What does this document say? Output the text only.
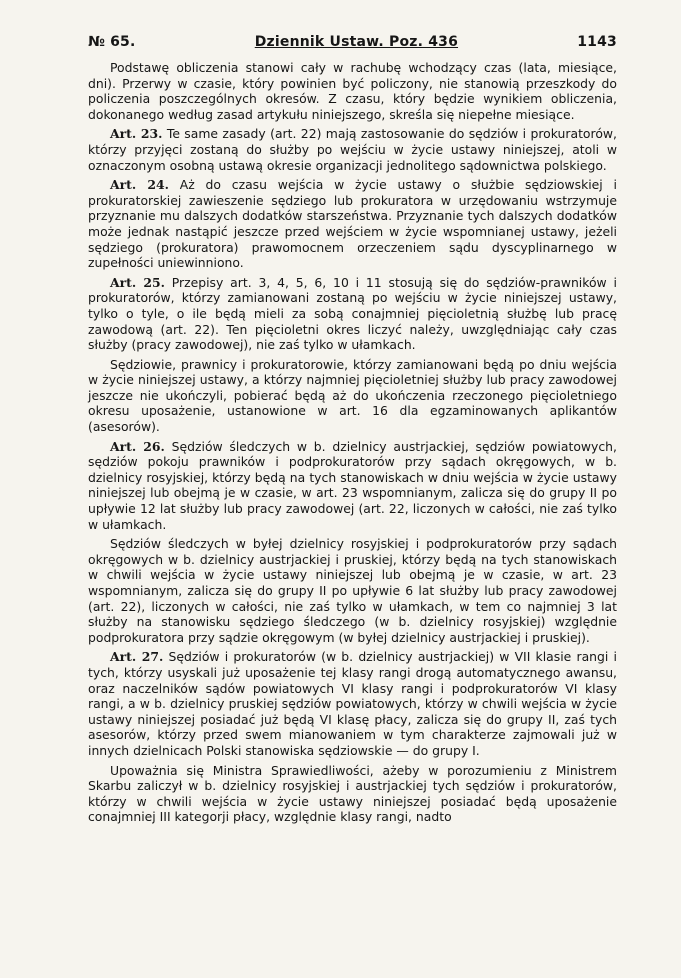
№ 65.	Dziennik Ustaw. Poz. 436	1143

Podstawę obliczenia stanowi cały w rachubę wchodzący czas (lata, miesiące, dni). Przerwy w czasie, który powinien być policzony, nie stanowią przeszkody do policzenia poszczególnych okresów. Z czasu, który będzie wynikiem obliczenia, dokonanego według zasad artykułu niniejszego, skreśla się niepełne miesiące.

Art. 23. Te same zasady (art. 22) mają zastosowanie do sędziów i prokuratorów, którzy przyjęci zostaną do służby po wejściu w życie ustawy niniejszej, atoli w oznaczonym osobną ustawą okresie organizacji jednolitego sądownictwa polskiego.

Art. 24. Aż do czasu wejścia w życie ustawy o służbie sędziowskiej i prokuratorskiej zawieszenie sędziego lub prokuratora w urzędowaniu wstrzymuje przyznanie mu dalszych dodatków starszeństwa. Przyznanie tych dalszych dodatków może jednak nastąpić jeszcze przed wejściem w życie wspomnianej ustawy, jeżeli sędziego (prokuratora) prawomocnem orzeczeniem sądu dyscyplinarnego w zupełności uniewinniono.

Art. 25. Przepisy art. 3, 4, 5, 6, 10 i 11 stosują się do sędziów-prawników i prokuratorów, którzy zamianowani zostaną po wejściu w życie niniejszej ustawy, tylko o tyle, o ile będą mieli za sobą conajmniej pięcioletnią służbę lub pracę zawodową (art. 22). Ten pięcioletni okres liczyć należy, uwzględniając cały czas służby (pracy zawodowej), nie zaś tylko w ułamkach.

Sędziowie, prawnicy i prokuratorowie, którzy zamianowani będą po dniu wejścia w życie niniejszej ustawy, a którzy najmniej pięcioletniej służby lub pracy zawodowej jeszcze nie ukończyli, pobierać będą aż do ukończenia rzeczonego pięcioletniego okresu uposażenie, ustanowione w art. 16 dla egzaminowanych aplikantów (asesorów).

Art. 26. Sędziów śledczych w b. dzielnicy austrjackiej, sędziów powiatowych, sędziów pokoju prawników i podprokuratorów przy sądach okręgowych, w b. dzielnicy rosyjskiej, którzy będą na tych stanowiskach w dniu wejścia w życie ustawy niniejszej lub obejmą je w czasie, w art. 23 wspomnianym, zalicza się do grupy II po upływie 12 lat służby lub pracy zawodowej (art. 22, liczonych w całości, nie zaś tylko w ułamkach.

Sędziów śledczych w byłej dzielnicy rosyjskiej i podprokuratorów przy sądach okręgowych w b. dzielnicy austrjackiej i pruskiej, którzy będą na tych stanowiskach w chwili wejścia w życie ustawy niniejszej lub obejmą je w czasie, w art. 23 wspomnianym, zalicza się do grupy II po upływie 6 lat służby lub pracy zawodowej (art. 22), liczonych w całości, nie zaś tylko w ułamkach, w tem co najmniej 3 lat służby na stanowisku sędziego śledczego (w b. dzielnicy rosyjskiej) względnie podprokuratora przy sądzie okręgowym (w byłej dzielnicy austrjackiej i pruskiej).

Art. 27. Sędziów i prokuratorów (w b. dzielnicy austrjackiej) w VII klasie rangi i tych, którzy usyskali już uposażenie tej klasy rangi drogą automatycznego awansu, oraz naczelników sądów powiatowych VI klasy rangi i podprokuratorów VI klasy rangi, a w b. dzielnicy pruskiej sędziów powiatowych, którzy w chwili wejścia w życie ustawy niniejszej posiadać już będą VI klasę płacy, zalicza się do grupy II, zaś tych asesorów, którzy przed swem mianowaniem w tym charakterze zajmowali już w innych dzielnicach Polski stanowiska sędziowskie — do grupy I.

Upoważnia się Ministra Sprawiedliwości, ażeby w porozumieniu z Ministrem Skarbu zaliczył w b. dzielnicy rosyjskiej i austrjackiej tych sędziów i prokuratorów, którzy w chwili wejścia w życie ustawy niniejszej posiadać będą uposażenie conajmniej III kategorji płacy, względnie klasy rangi, nadto
